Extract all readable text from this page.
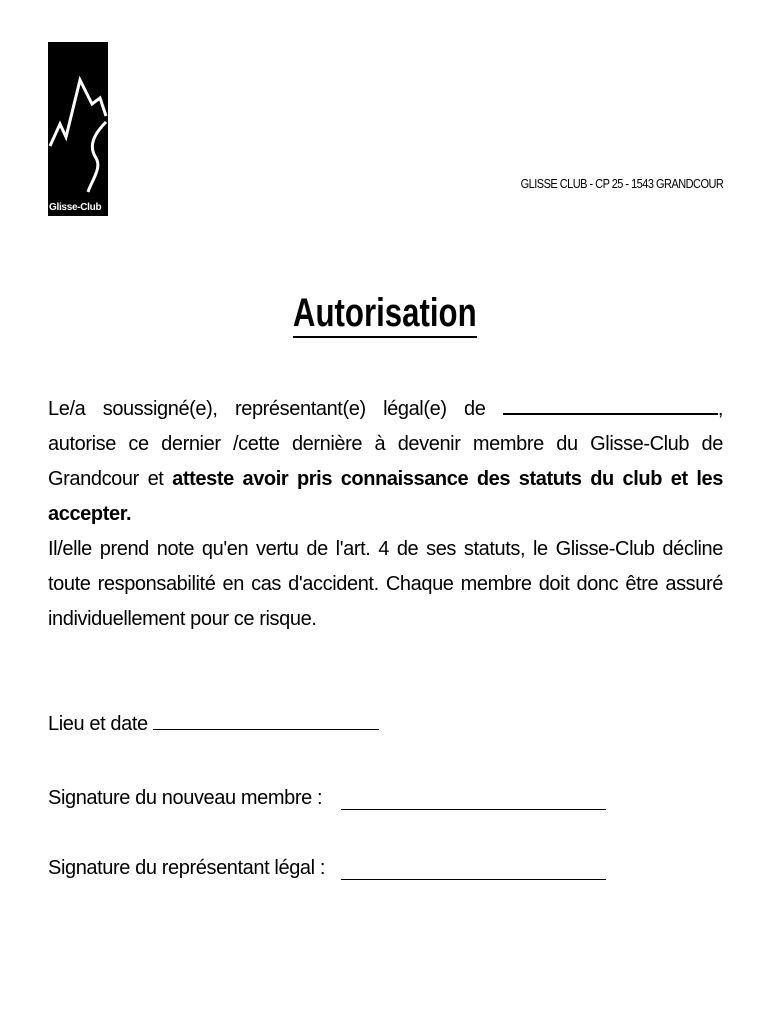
Glisse-Club
GLISSE CLUB - CP 25 - 1543 GRANDCOUR
Autorisation
Le/a soussigné(e), représentant(e) légal(e) de	, autorise ce dernier /cette dernière à devenir membre du Glisse-Club de Grandcour et atteste avoir pris connaissance des statuts du club et les accepter.
Il/elle prend note qu'en vertu de l'art. 4 de ses statuts, le Glisse-Club décline toute responsabilité en cas d'accident. Chaque membre doit donc être assuré individuellement pour ce risque.
Lieu et date
Signature du nouveau membre :
Signature du représentant légal :
